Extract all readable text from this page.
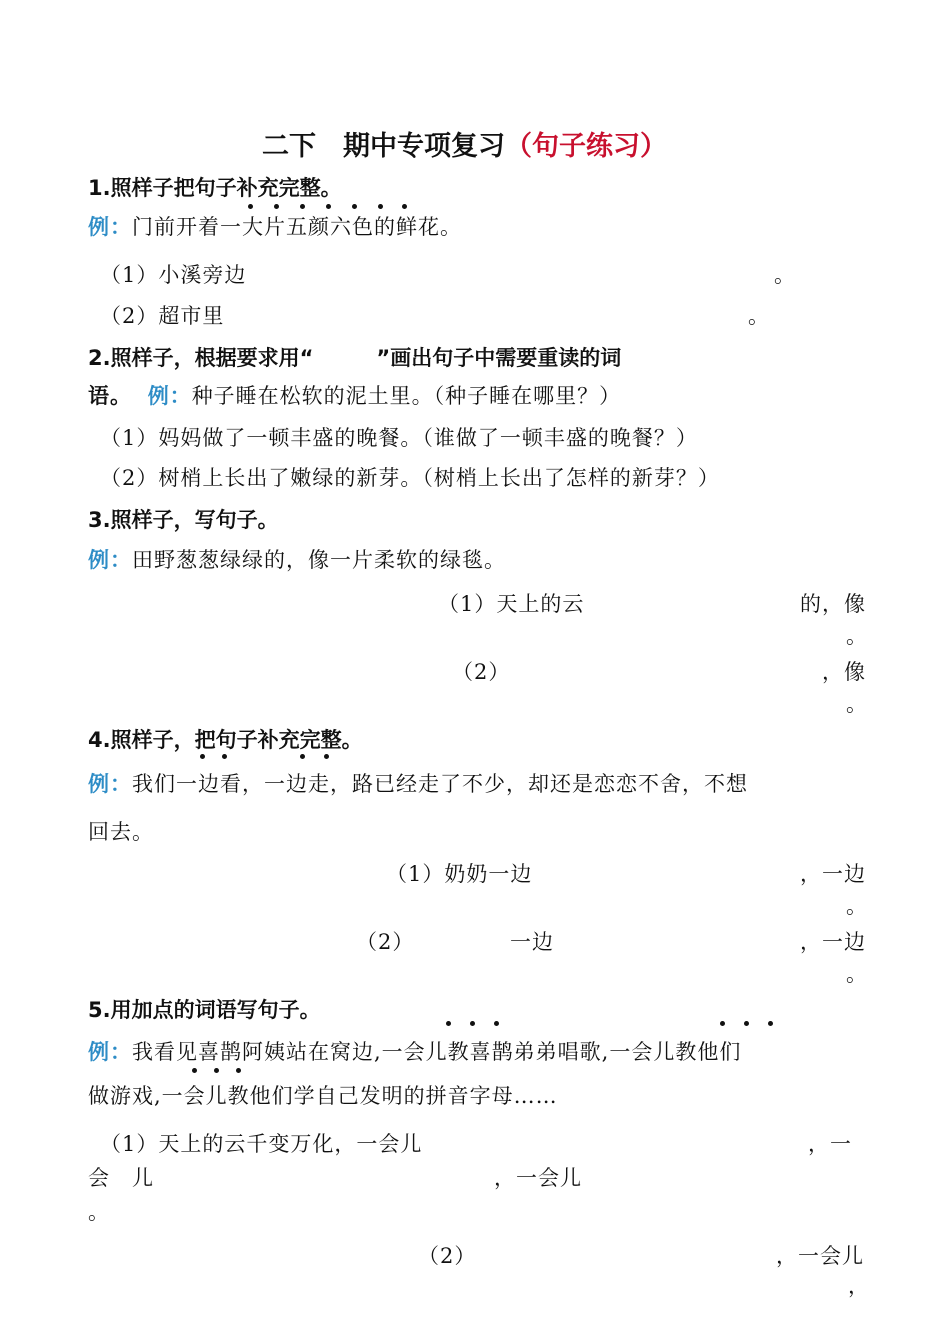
二下　期中专项复习（句子练习）
1.照样子把句子补充完整。
例：门前开着一大片五颜六色的鲜花。
（1）小溪旁边	。
（2）超市里	。
2.照样子，根据要求用“　　　”画出句子中需要重读的词
语。 例：种子睡在松软的泥土里。（种子睡在哪里？）
（1）妈妈做了一顿丰盛的晚餐。（谁做了一顿丰盛的晚餐？）
（2）树梢上长出了嫩绿的新芽。（树梢上长出了怎样的新芽？）
3.照样子，写句子。
例：田野葱葱绿绿的，像一片柔软的绿毯。
（1）天上的云	的，像
。
（2）	，像
。
4.照样子，把句子补充完整。
例：我们一边看，一边走，路已经走了不少，却还是恋恋不舍，不想
回去。
（1）奶奶一边	，一边
。
（2）	一边	，一边
。
5.用加点的词语写句子。
例：我看见喜鹊阿姨站在窝边,一会儿教喜鹊弟弟唱歌,一会儿教他们
做游戏,一会儿教他们学自己发明的拼音字母……
（1）天上的云千变万化，一会儿	，一
会　儿	，一会儿
。
（2）	，一会儿
，
